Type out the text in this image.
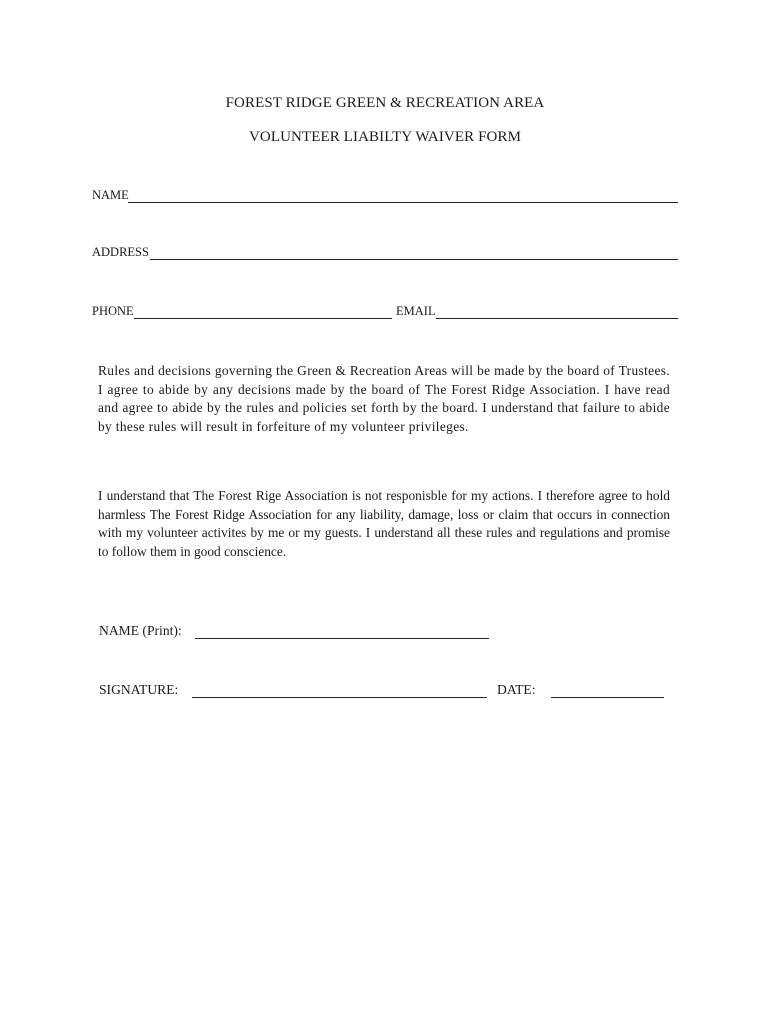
FOREST RIDGE GREEN & RECREATION AREA
VOLUNTEER LIABILTY WAIVER FORM
NAME
ADDRESS
PHONE	EMAIL
Rules and decisions governing the Green & Recreation Areas will be made by the board of Trustees. I agree to abide by any decisions made by the board of The Forest Ridge Association. I have read and agree to abide by the rules and policies set forth by the board. I understand that failure to abide by these rules will result in forfeiture of my volunteer privileges.
I understand that The Forest Rige Association is not responisble for my actions. I therefore agree to hold harmless The Forest Ridge Association for any liability, damage, loss or claim that occurs in connection with my volunteer activites by me or my guests. I understand all these rules and regulations and promise to follow them in good conscience.
NAME (Print):
SIGNATURE:	DATE:
